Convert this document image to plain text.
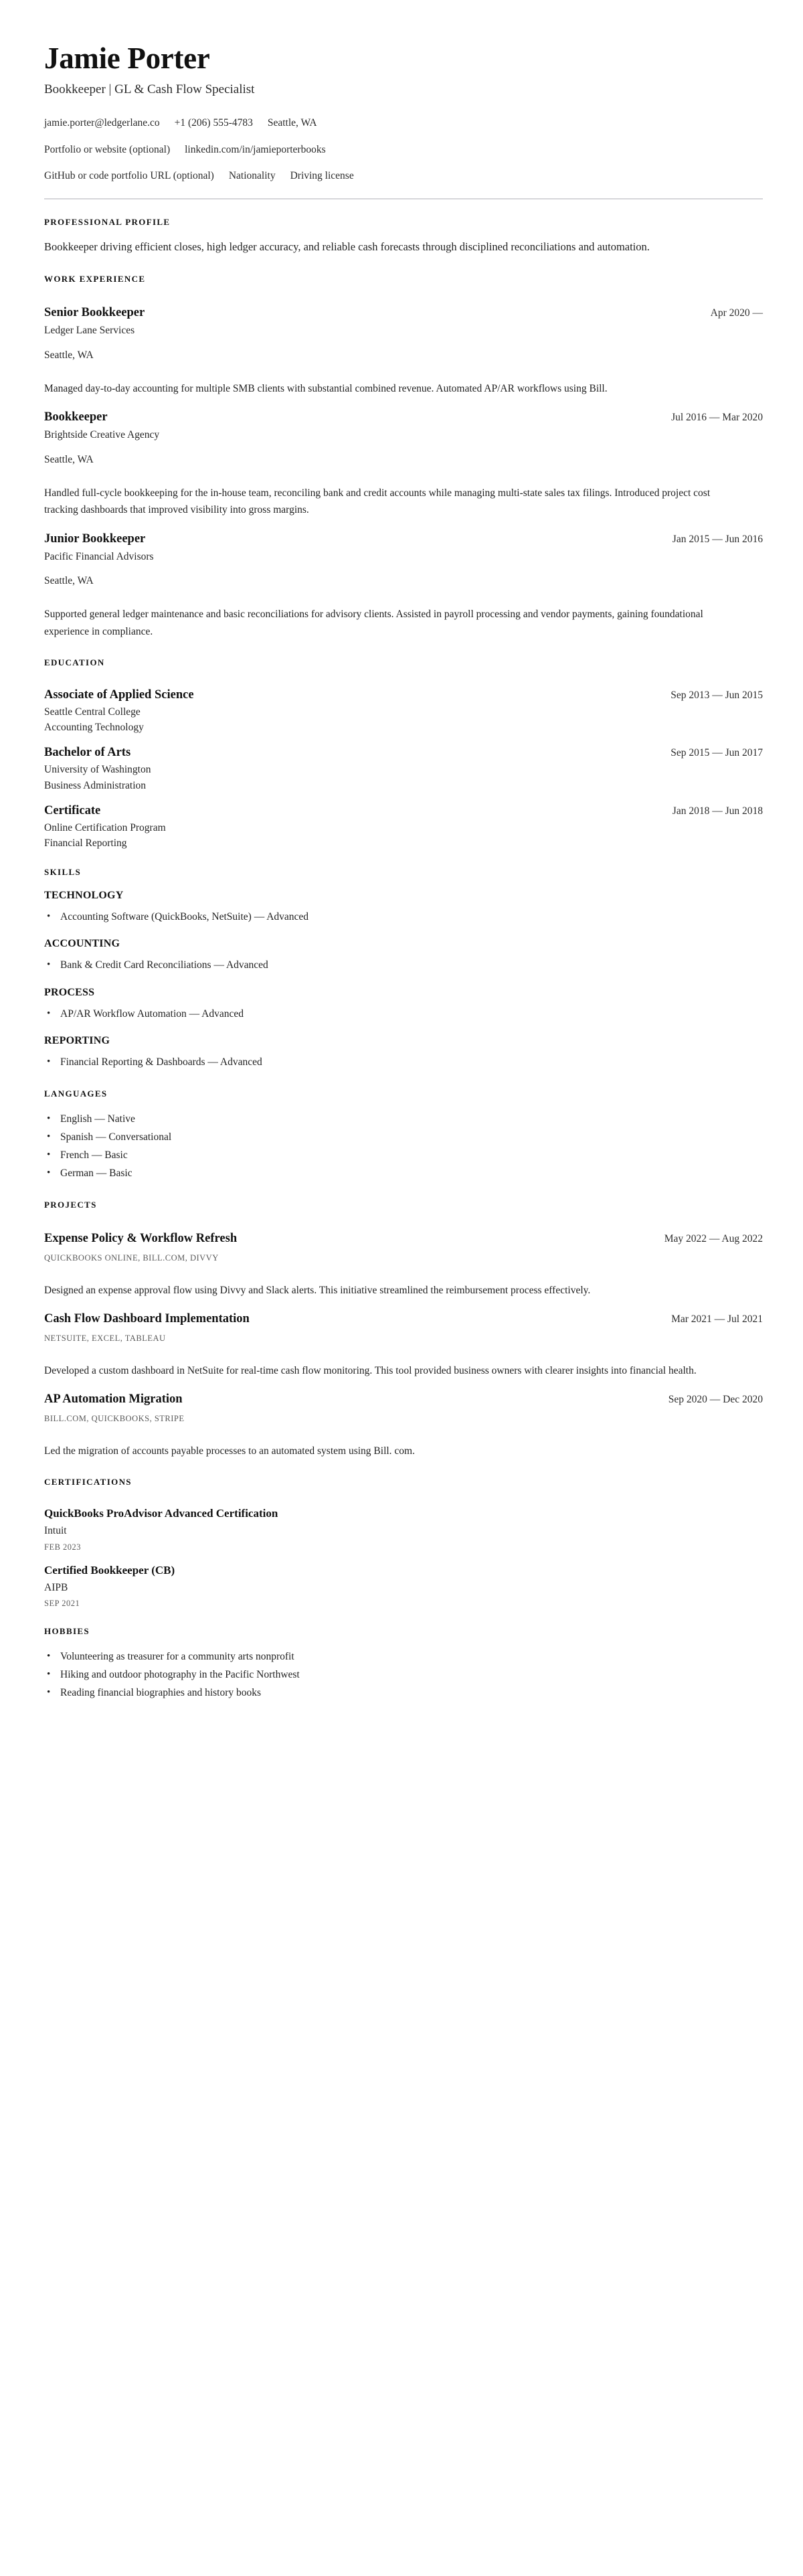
Jamie Porter
Bookkeeper | GL & Cash Flow Specialist
jamie.porter@ledgerlane.co +1 (206) 555-4783 Seattle, WA
Portfolio or website (optional) linkedin.com/in/jamieporterbooks
GitHub or code portfolio URL (optional) Nationality Driving license
PROFESSIONAL PROFILE
Bookkeeper driving efficient closes, high ledger accuracy, and reliable cash forecasts through disciplined reconciliations and automation.
WORK EXPERIENCE
Senior Bookkeeper	Apr 2020 —
Ledger Lane Services
Seattle, WA
Managed day-to-day accounting for multiple SMB clients with substantial combined revenue. Automated AP/AR workflows using Bill.
Bookkeeper	Jul 2016 — Mar 2020
Brightside Creative Agency
Seattle, WA
Handled full-cycle bookkeeping for the in-house team, reconciling bank and credit accounts while managing multi-state sales tax filings. Introduced project cost tracking dashboards that improved visibility into gross margins.
Junior Bookkeeper	Jan 2015 — Jun 2016
Pacific Financial Advisors
Seattle, WA
Supported general ledger maintenance and basic reconciliations for advisory clients. Assisted in payroll processing and vendor payments, gaining foundational experience in compliance.
EDUCATION
Associate of Applied Science	Sep 2013 — Jun 2015
Seattle Central College
Accounting Technology
Bachelor of Arts	Sep 2015 — Jun 2017
University of Washington
Business Administration
Certificate	Jan 2018 — Jun 2018
Online Certification Program
Financial Reporting
SKILLS
TECHNOLOGY
• Accounting Software (QuickBooks, NetSuite) — Advanced
ACCOUNTING
• Bank & Credit Card Reconciliations — Advanced
PROCESS
• AP/AR Workflow Automation — Advanced
REPORTING
• Financial Reporting & Dashboards — Advanced
LANGUAGES
• English — Native
• Spanish — Conversational
• French — Basic
• German — Basic
PROJECTS
Expense Policy & Workflow Refresh	May 2022 — Aug 2022
QUICKBOOKS ONLINE, BILL.COM, DIVVY
Designed an expense approval flow using Divvy and Slack alerts. This initiative streamlined the reimbursement process effectively.
Cash Flow Dashboard Implementation	Mar 2021 — Jul 2021
NETSUITE, EXCEL, TABLEAU
Developed a custom dashboard in NetSuite for real-time cash flow monitoring. This tool provided business owners with clearer insights into financial health.
AP Automation Migration	Sep 2020 — Dec 2020
BILL.COM, QUICKBOOKS, STRIPE
Led the migration of accounts payable processes to an automated system using Bill. com.
CERTIFICATIONS
QuickBooks ProAdvisor Advanced Certification
Intuit
FEB 2023
Certified Bookkeeper (CB)
AIPB
SEP 2021
HOBBIES
• Volunteering as treasurer for a community arts nonprofit
• Hiking and outdoor photography in the Pacific Northwest
• Reading financial biographies and history books
